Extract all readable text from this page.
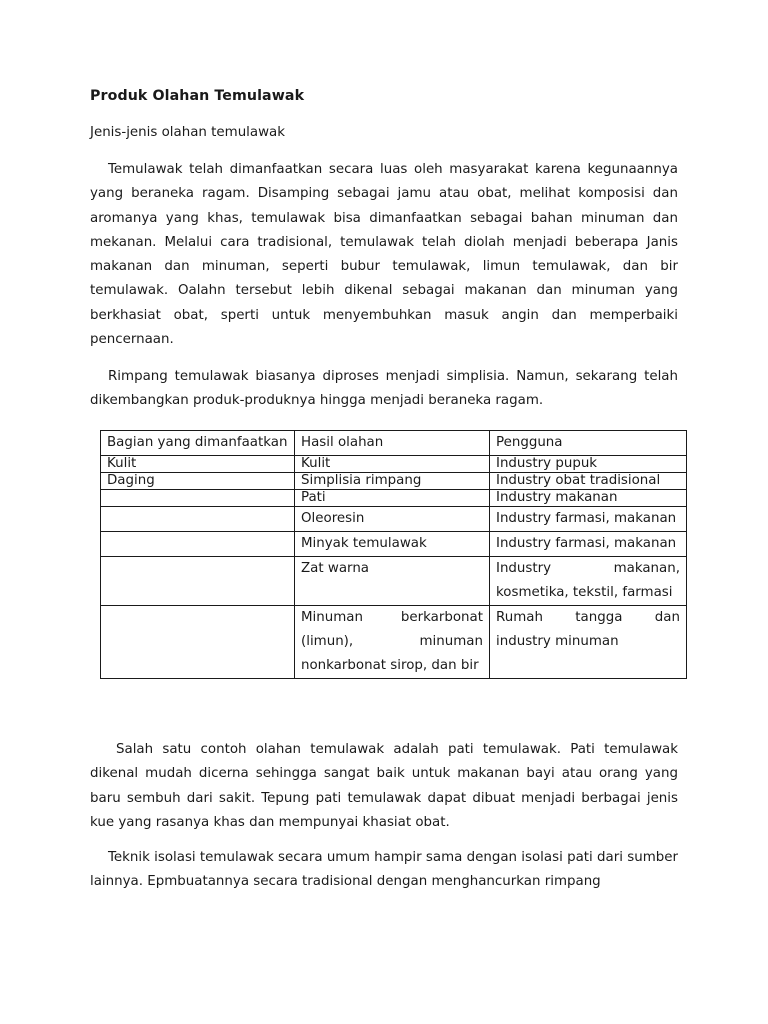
Produk Olahan Temulawak
Jenis-jenis olahan temulawak

Temulawak telah dimanfaatkan secara luas oleh masyarakat karena kegunaannya yang beraneka ragam. Disamping sebagai jamu atau obat, melihat komposisi dan aromanya yang khas, temulawak bisa dimanfaatkan sebagai bahan minuman dan mekanan. Melalui cara tradisional, temulawak telah diolah menjadi beberapa Janis makanan dan minuman, seperti bubur temulawak, limun temulawak, dan bir temulawak. Oalahn tersebut lebih dikenal sebagai makanan dan minuman yang berkhasiat obat, sperti untuk menyembuhkan masuk angin dan memperbaiki pencernaan.

Rimpang temulawak biasanya diproses menjadi simplisia. Namun, sekarang telah dikembangkan produk-produknya hingga menjadi beraneka ragam.

Bagian yang dimanfaatkan	Hasil olahan	Pengguna
Kulit	Kulit	Industry pupuk
Daging	Simplisia rimpang	Industry obat tradisional
	Pati	Industry makanan
	Oleoresin	Industry farmasi, makanan
	Minyak temulawak	Industry farmasi, makanan
	Zat warna	Industry makanan, kosmetika, tekstil, farmasi
	Minuman berkarbonat (limun), minuman nonkarbonat sirop, dan bir	Rumah tangga dan industry minuman

Salah satu contoh olahan temulawak adalah pati temulawak. Pati temulawak dikenal mudah dicerna sehingga sangat baik untuk makanan bayi atau orang yang baru sembuh dari sakit. Tepung pati temulawak dapat dibuat menjadi berbagai jenis kue yang rasanya khas dan mempunyai khasiat obat.

Teknik isolasi temulawak secara umum hampir sama dengan isolasi pati dari sumber lainnya. Epmbuatannya secara tradisional dengan menghancurkan rimpang
